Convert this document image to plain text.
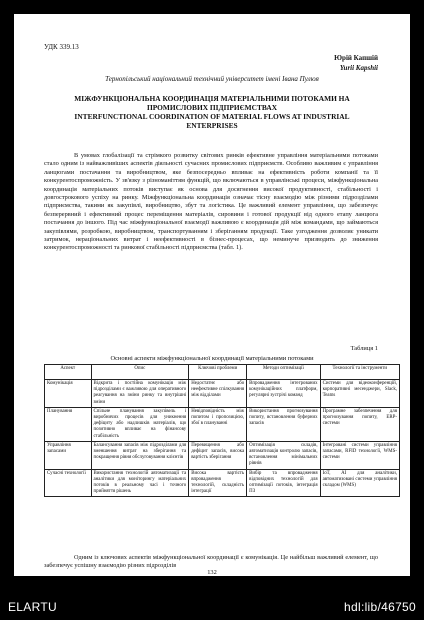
УДК 339.13
Юрій Капшій
Yurii Kapshii
Тернопільський національний технічний університет імені Івана Пулюя
МІЖФУНКЦІОНАЛЬНА КООРДИНАЦІЯ МАТЕРІАЛЬНИМИ ПОТОКАМИ НА ПРОМИСЛОВИХ ПІДПРИЄМСТВАХ
INTERFUNCTIONAL COORDINATION OF MATERIAL FLOWS AT INDUSTRIAL ENTERPRISES
В умовах глобалізації та стрімкого розвитку світових ринків ефективне управління матеріальними потоками стало одним із найважливіших аспектів діяльності сучасних промислових підприємств. Особливо важливим є управління ланцюгами постачання та виробництвом, яке безпосередньо впливає на ефективність роботи компанії та її конкурентоспроможність. У зв'язку з різноманіттям функцій, що включаються в управлінські процеси, міжфункціональна координація матеріальних потоків виступає як основа для досягнення високої продуктивності, стабільності і довгострокового успіху на ринку. Міжфункціональна координація означає тісну взаємодію між різними підрозділами підприємства, такими як закупівлі, виробництво, збут та логістика. Це важливий елемент управління, що забезпечує безперервний і ефективний процес переміщення матеріалів, сировини і готової продукції від одного етапу ланцюга постачання до іншого. Під час міжфункціональної взаємодії важливою є координація дій між командами, що займаються закупівлями, розробкою, виробництвом, транспортуванням і зберіганням продукції. Таке узгодження дозволяє уникати затримок, нераціональних витрат і неефективності в бізнес-процесах, що неминуче призводить до зниження конкурентоспроможності та ринкової стабільності підприємства (табл. 1).
Таблиця 1
Основні аспекти міжфункціональної координації матеріальними потоками
Аспект	Опис	Ключові проблеми	Методи оптимізації	Технології та інструменти
Комунікація	Відкрита і постійна комунікація між підрозділами є важливою для оперативного реагування на зміни ринку та внутрішні зміни	Недостатнє або неефективне спілкування між відділами	Впровадження інтегрованих комунікаційних платформ, регулярні зустрічі команд	Системи для відеоконференцій, корпоративні месенджери, Slack, Teams
Планування	Спільне планування закупівель і виробничих процесів для уникнення дефіциту або надлишків матеріалів, що позитивно впливає на фінансову стабільність	Невідповідність між попитом і пропозицією, збої в плануванні	Використання прогнозування попиту, встановлення буферних запасів	Програмне забезпечення для прогнозування попиту, ERP-системи
Управління запасами	Балансування запасів між підрозділами для зменшення витрат на зберігання та покращення рівня обслуговування клієнтів	Перевищення або дефіцит запасів, висока вартість зберігання	Оптимізація складів, автоматизація контролю запасів, встановлення мінімальних рівнів	Інтегровані системи управління запасами, RFID технології, WMS-системи
Сучасні технології	Використання технологій автоматизації та аналітики для моніторингу матеріальних потоків в реальному часі і точного прийняття рішень	Висока вартість впровадження технологій, складність інтеграції	Вибір та впровадження відповідних технологій для оптимізації потоків, інтеграція ПЗ	IoT, AI для аналітики, автоматизовані системи управління складом (WMS)
Одним із ключових аспектів міжфункціональної координації є комунікація. Це найбільш важливий елемент, що забезпечує успішну взаємодію різних підрозділів
132
ELARTU	hdl:lib/46750
